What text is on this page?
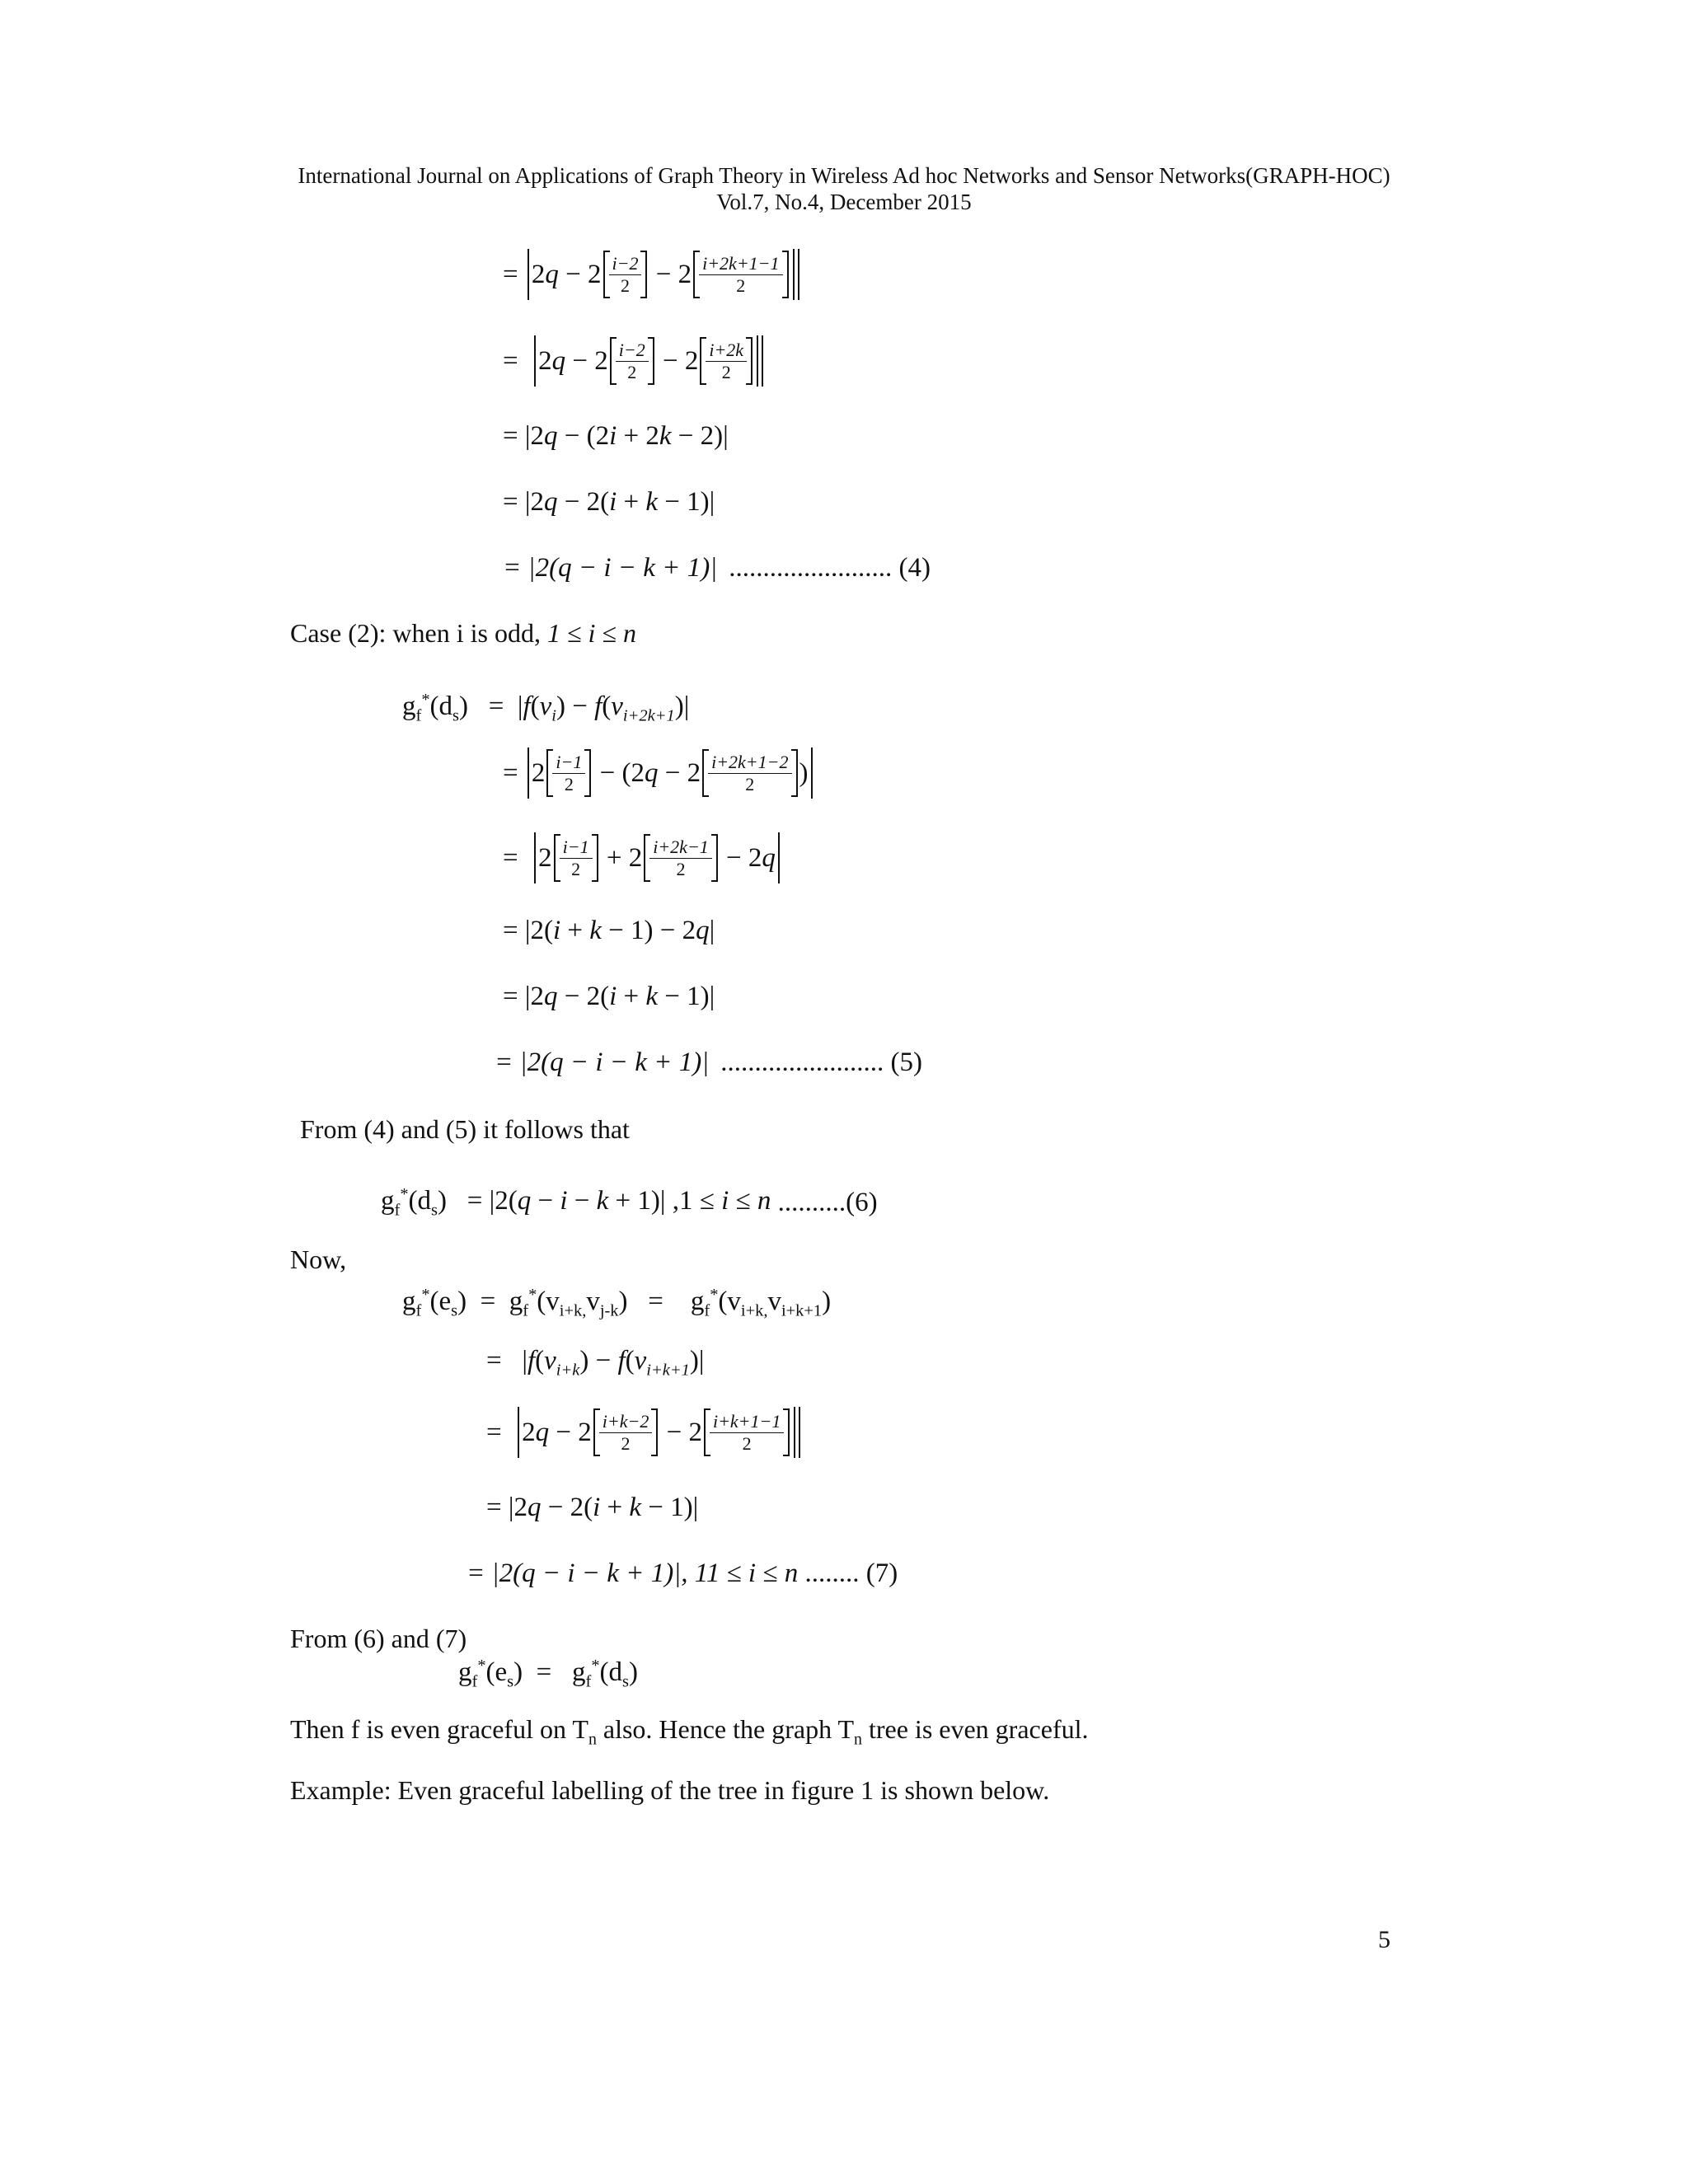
International Journal on Applications of Graph Theory in Wireless Ad hoc Networks and Sensor Networks(GRAPH-HOC)
Vol.7, No.4, December 2015
= $2q - 2 \frac{i-2}{2} - 2 \frac{i+2k+1-1}{2}$
= $2q - 2 \frac{i-2}{2} - 2 \frac{i+2k}{2}$
= |2q − (2i + 2k − 2)|
= |2q − 2(i + k − 1)|
= |2(q − i − k + 1)| ........................ (4)
Case (2): when i is odd, 1 ≤ i ≤ n
$g_f^*(d_s) = |f(v_i) - f(v_{i+2k+1})|$
= $2 \frac{i-1}{2} - (2q - 2 \frac{i+2k+1-2}{2}$ )
= $2 \frac{i-1}{2} + 2 \frac{i+2k-1}{2} - 2q$
= |2(i + k − 1) − 2q|
= |2q − 2(i + k − 1)|
= |2(q − i − k + 1)| ........................ (5)
From (4) and (5) it follows that
$g_f^*(d_s) = |2(q - i - k + 1)|$ ,1 ≤ i ≤ n ..........(6)
Now,
$g_f^*(e_s) = g_f^*(v_{i+k,}v_{j-k})$   =    $g_f^*(v_{i+k,}v_{i+k+1})$
=   $|f(v_{i+k}) - f(v_{i+k+1})|$
= $2q - 2 \frac{i+k-2}{2} - 2 \frac{i+k+1-1}{2}$
= |2q − 2(i + k − 1)|
= |2(q − i − k + 1)|, 11 ≤ i ≤ n
........ (7)
From (6) and (7)
$g_f^*(e_s) = g_f^*(d_s)$
Then f is even graceful on $T_n$ also. Hence the graph $T_n$ tree is even graceful.
Example: Even graceful labelling of the tree in figure 1 is shown below.
5
